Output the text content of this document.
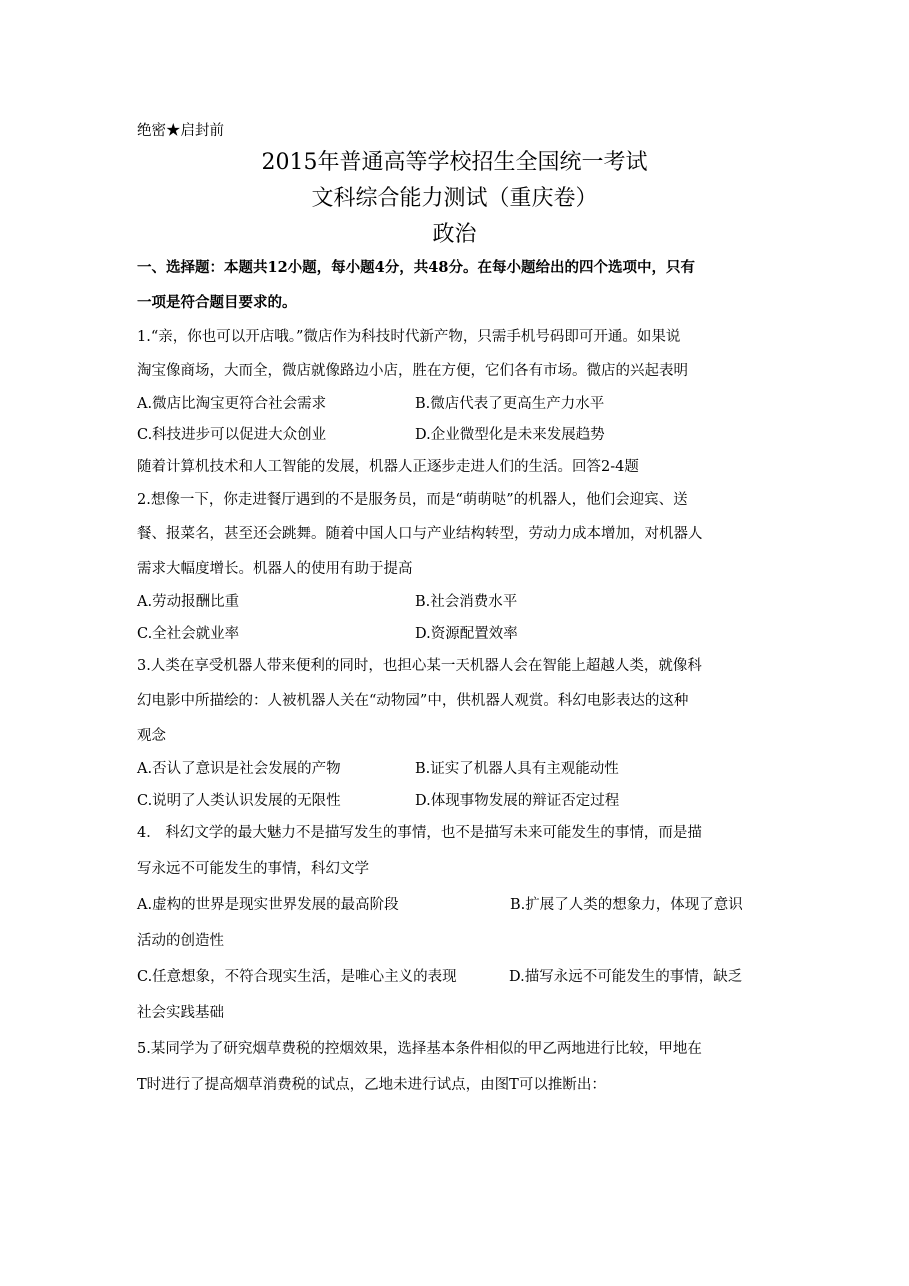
绝密★启封前
2015年普通高等学校招生全国统一考试
文科综合能力测试（重庆卷）
政治
一、选择题：本题共12小题，每小题4分，共48分。在每小题给出的四个选项中，只有
一项是符合题目要求的。
1.“亲，你也可以开店哦。”微店作为科技时代新产物，只需手机号码即可开通。如果说
淘宝像商场，大而全，微店就像路边小店，胜在方便，它们各有市场。微店的兴起表明
A.微店比淘宝更符合社会需求	B.微店代表了更高生产力水平
C.科技进步可以促进大众创业	D.企业微型化是未来发展趋势
随着计算机技术和人工智能的发展，机器人正逐步走进人们的生活。回答2-4题
2.想像一下，你走进餐厅遇到的不是服务员，而是“萌萌哒”的机器人，他们会迎宾、送
餐、报菜名，甚至还会跳舞。随着中国人口与产业结构转型，劳动力成本增加，对机器人
需求大幅度增长。机器人的使用有助于提高
A.劳动报酬比重	B.社会消费水平
C.全社会就业率	D.资源配置效率
3.人类在享受机器人带来便利的同时，也担心某一天机器人会在智能上超越人类，就像科
幻电影中所描绘的：人被机器人关在“动物园”中，供机器人观赏。科幻电影表达的这种
观念
A.否认了意识是社会发展的产物	B.证实了机器人具有主观能动性
C.说明了人类认识发展的无限性	D.体现事物发展的辩证否定过程
4． 科幻文学的最大魅力不是描写发生的事情，也不是描写未来可能发生的事情，而是描
写永远不可能发生的事情，科幻文学
A.虚构的世界是现实世界发展的最高阶段	B.扩展了人类的想象力，体现了意识
活动的创造性
C.任意想象，不符合现实生活，是唯心主义的表现	D.描写永远不可能发生的事情，缺乏
社会实践基础
5.某同学为了研究烟草费税的控烟效果，选择基本条件相似的甲乙两地进行比较，甲地在
T时进行了提高烟草消费税的试点，乙地未进行试点，由图T可以推断出：
